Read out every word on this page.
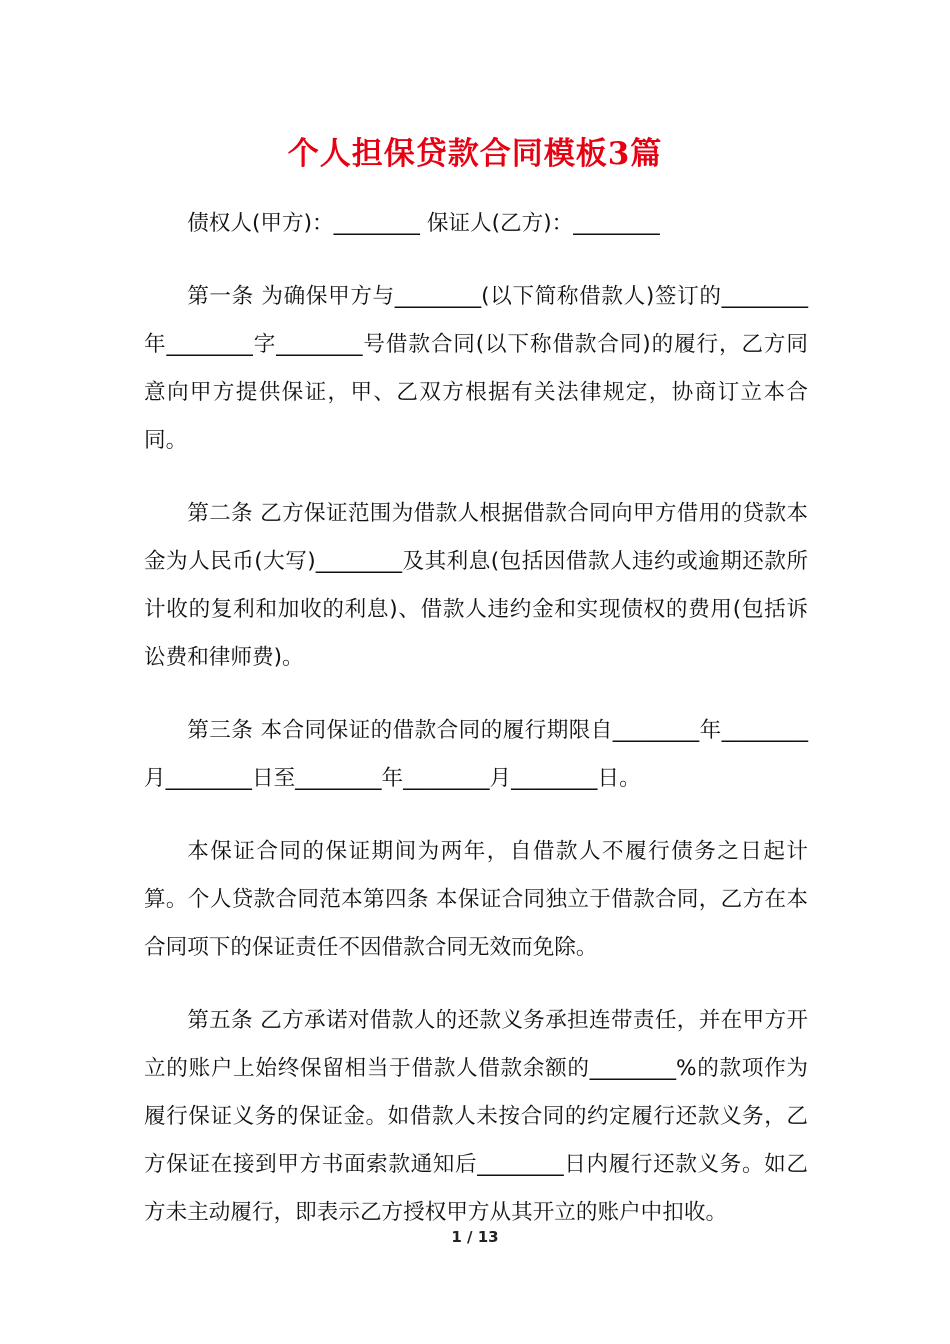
个人担保贷款合同模板3篇

债权人(甲方)：________ 保证人(乙方)：________

第一条 为确保甲方与________(以下简称借款人)签订的________年________字________号借款合同(以下称借款合同)的履行，乙方同意向甲方提供保证，甲、乙双方根据有关法律规定，协商订立本合同。

第二条 乙方保证范围为借款人根据借款合同向甲方借用的贷款本金为人民币(大写)________及其利息(包括因借款人违约或逾期还款所计收的复利和加收的利息)、借款人违约金和实现债权的费用(包括诉讼费和律师费)。

第三条 本合同保证的借款合同的履行期限自________年________月________日至________年________月________日。

本保证合同的保证期间为两年，自借款人不履行债务之日起计算。个人贷款合同范本第四条 本保证合同独立于借款合同，乙方在本合同项下的保证责任不因借款合同无效而免除。

第五条 乙方承诺对借款人的还款义务承担连带责任，并在甲方开立的账户上始终保留相当于借款人借款余额的________%的款项作为履行保证义务的保证金。如借款人未按合同的约定履行还款义务，乙方保证在接到甲方书面索款通知后________日内履行还款义务。如乙方未主动履行，即表示乙方授权甲方从其开立的账户中扣收。

1 / 13
